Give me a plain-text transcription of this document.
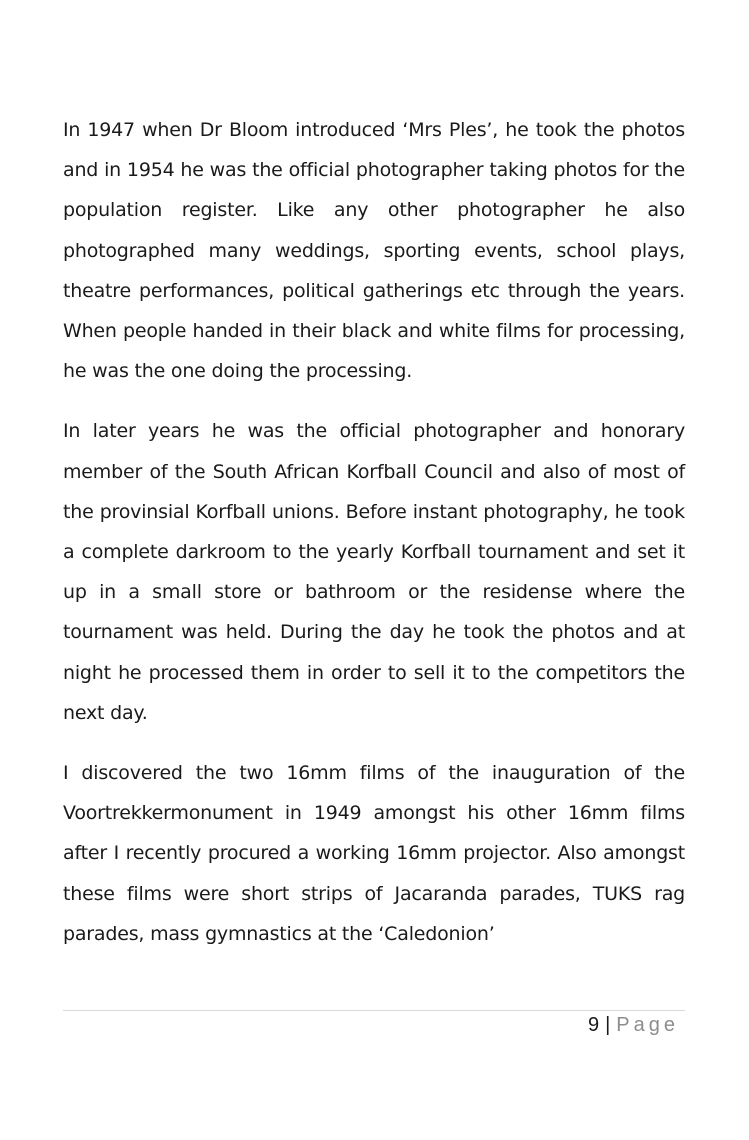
In 1947 when Dr Bloom introduced ‘Mrs Ples’, he took the photos and in 1954 he was the official photographer taking photos for the population register. Like any other photographer he also photographed many weddings, sporting events, school plays, theatre performances, political gatherings etc through the years. When people handed in their black and white films for processing, he was the one doing the processing.

In later years he was the official photographer and honorary member of the South African Korfball Council and also of most of the provinsial Korfball unions. Before instant photography, he took a complete darkroom to the yearly Korfball tournament and set it up in a small store or bathroom or the residense where the tournament was held. During the day he took the photos and at night he processed them in order to sell it to the competitors the next day.

I discovered the two 16mm films of the inauguration of the Voortrekkermonument in 1949 amongst his other 16mm films after I recently procured a working 16mm projector. Also amongst these films were short strips of Jacaranda parades, TUKS rag parades, mass gymnastics at the ‘Caledonion’

9 | Page
